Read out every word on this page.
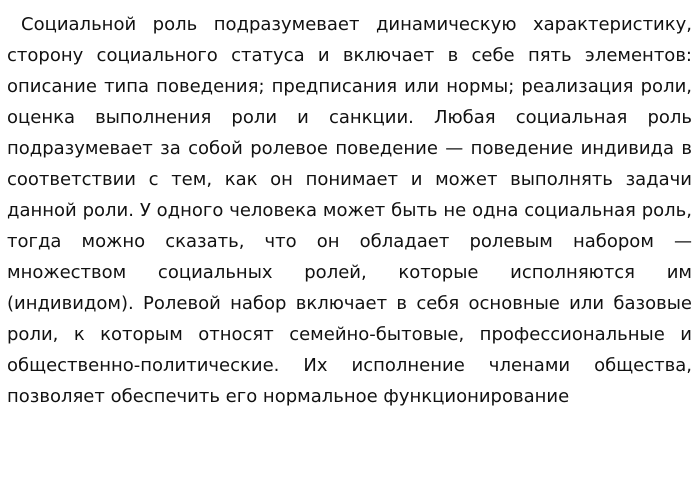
Социальной роль подразумевает динамическую характеристику, сторону социального статуса и включает в себе пять элементов: описание типа поведения; предписания или нормы; реализация роли, оценка выполнения роли и санкции. Любая социальная роль подразумевает за собой ролевое поведение — поведение индивида в соответствии с тем, как он понимает и может выполнять задачи данной роли. У одного человека может быть не одна социальная роль, тогда можно сказать, что он обладает ролевым набором — множеством социальных ролей, которые исполняются им (индивидом). Ролевой набор включает в себя основные или базовые роли, к которым относят семейно-бытовые, профессиональные и общественно-политические. Их исполнение членами общества, позволяет обеспечить его нормальное функционирование
